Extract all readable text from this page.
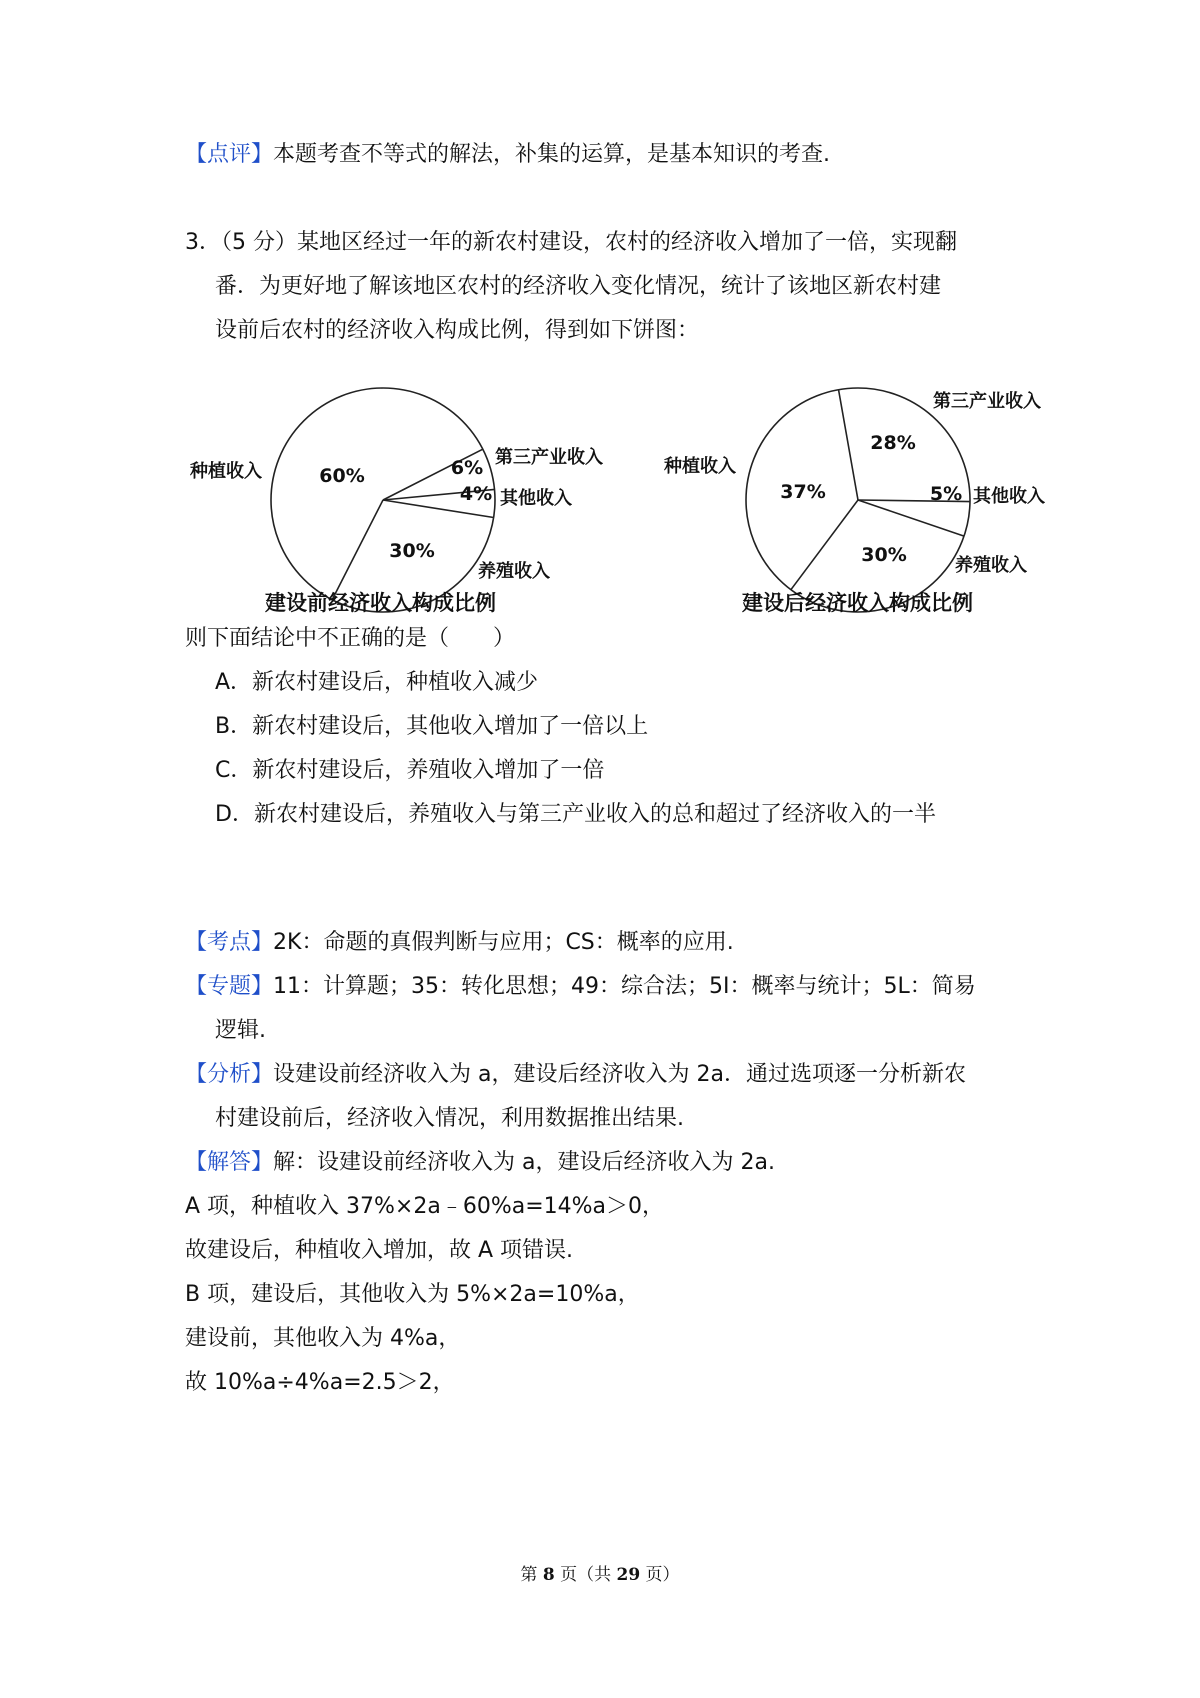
【点评】本题考查不等式的解法，补集的运算，是基本知识的考查.
3．（5 分）某地区经过一年的新农村建设，农村的经济收入增加了一倍，实现翻
番．为更好地了解该地区农村的经济收入变化情况，统计了该地区新农村建
设前后农村的经济收入构成比例，得到如下饼图：
60%	6%
4%
30%
种植收入
第三产业收入
其他收入
养殖收入
37%
28%
5%
30%
种植收入
第三产业收入
其他收入
养殖收入
建设前经济收入构成比例	建设后经济收入构成比例
则下面结论中不正确的是（　　）
A．新农村建设后，种植收入减少
B．新农村建设后，其他收入增加了一倍以上
C．新农村建设后，养殖收入增加了一倍
D．新农村建设后，养殖收入与第三产业收入的总和超过了经济收入的一半
【考点】2K：命题的真假判断与应用；CS：概率的应用.
【专题】11：计算题；35：转化思想；49：综合法；5I：概率与统计；5L：简易
逻辑.
【分析】设建设前经济收入为 a，建设后经济收入为 2a．通过选项逐一分析新农
村建设前后，经济收入情况，利用数据推出结果.
【解答】解：设建设前经济收入为 a，建设后经济收入为 2a.
A 项，种植收入 37%×2a﹣60%a=14%a＞0，
故建设后，种植收入增加，故 A 项错误.
B 项，建设后，其他收入为 5%×2a=10%a，
建设前，其他收入为 4%a，
故 10%a÷4%a=2.5＞2，
第 8 页（共 29 页）
